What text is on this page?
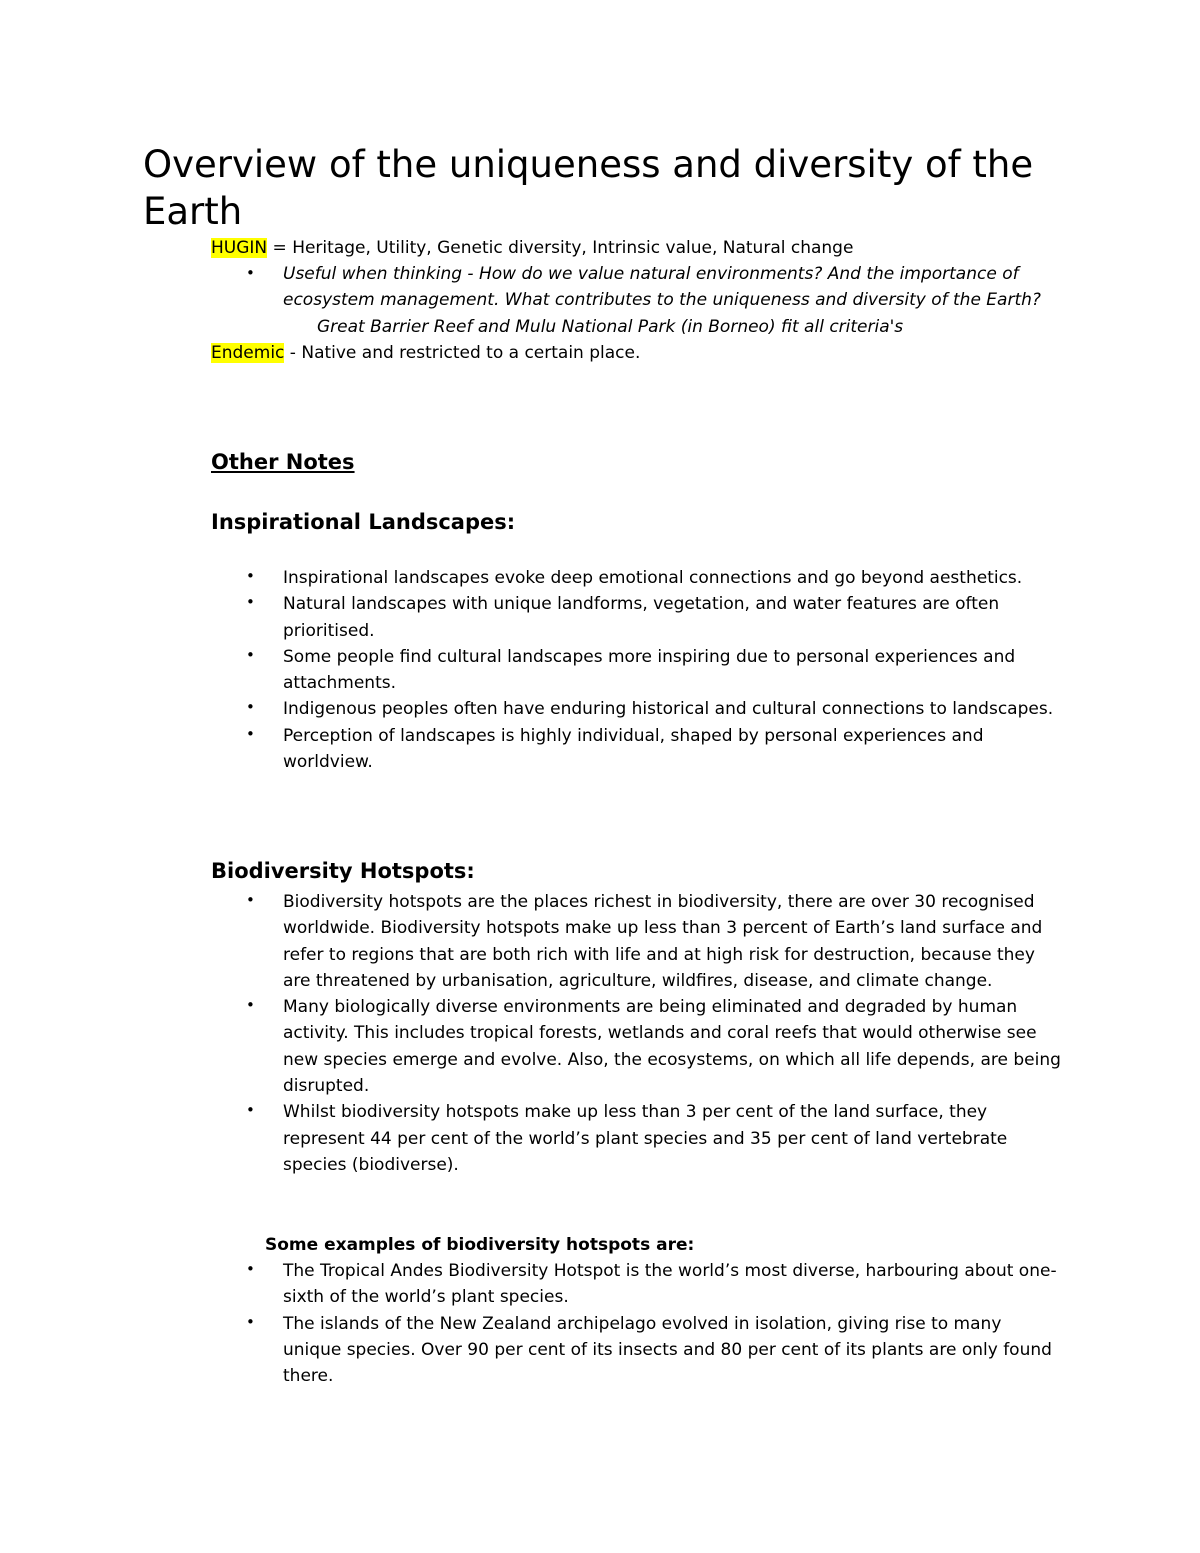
Overview of the uniqueness and diversity of the Earth
HUGIN = Heritage, Utility, Genetic diversity, Intrinsic value, Natural change
• Useful when thinking - How do we value natural environments? And the importance of
ecosystem management. What contributes to the uniqueness and diversity of the Earth?
Great Barrier Reef and Mulu National Park (in Borneo) fit all criteria's
Endemic - Native and restricted to a certain place.
Other Notes
Inspirational Landscapes:
• Inspirational landscapes evoke deep emotional connections and go beyond aesthetics.
• Natural landscapes with unique landforms, vegetation, and water features are often prioritised.
• Some people find cultural landscapes more inspiring due to personal experiences and attachments.
• Indigenous peoples often have enduring historical and cultural connections to landscapes.
• Perception of landscapes is highly individual, shaped by personal experiences and worldview.
Biodiversity Hotspots:
• Biodiversity hotspots are the places richest in biodiversity, there are over 30 recognised worldwide. Biodiversity hotspots make up less than 3 percent of Earth’s land surface and refer to regions that are both rich with life and at high risk for destruction, because they are threatened by urbanisation, agriculture, wildfires, disease, and climate change.
• Many biologically diverse environments are being eliminated and degraded by human activity. This includes tropical forests, wetlands and coral reefs that would otherwise see new species emerge and evolve. Also, the ecosystems, on which all life depends, are being disrupted.
• Whilst biodiversity hotspots make up less than 3 per cent of the land surface, they represent 44 per cent of the world’s plant species and 35 per cent of land vertebrate species (biodiverse).
Some examples of biodiversity hotspots are:
• The Tropical Andes Biodiversity Hotspot is the world’s most diverse, harbouring about one-sixth of the world’s plant species.
• The islands of the New Zealand archipelago evolved in isolation, giving rise to many unique species. Over 90 per cent of its insects and 80 per cent of its plants are only found there.
